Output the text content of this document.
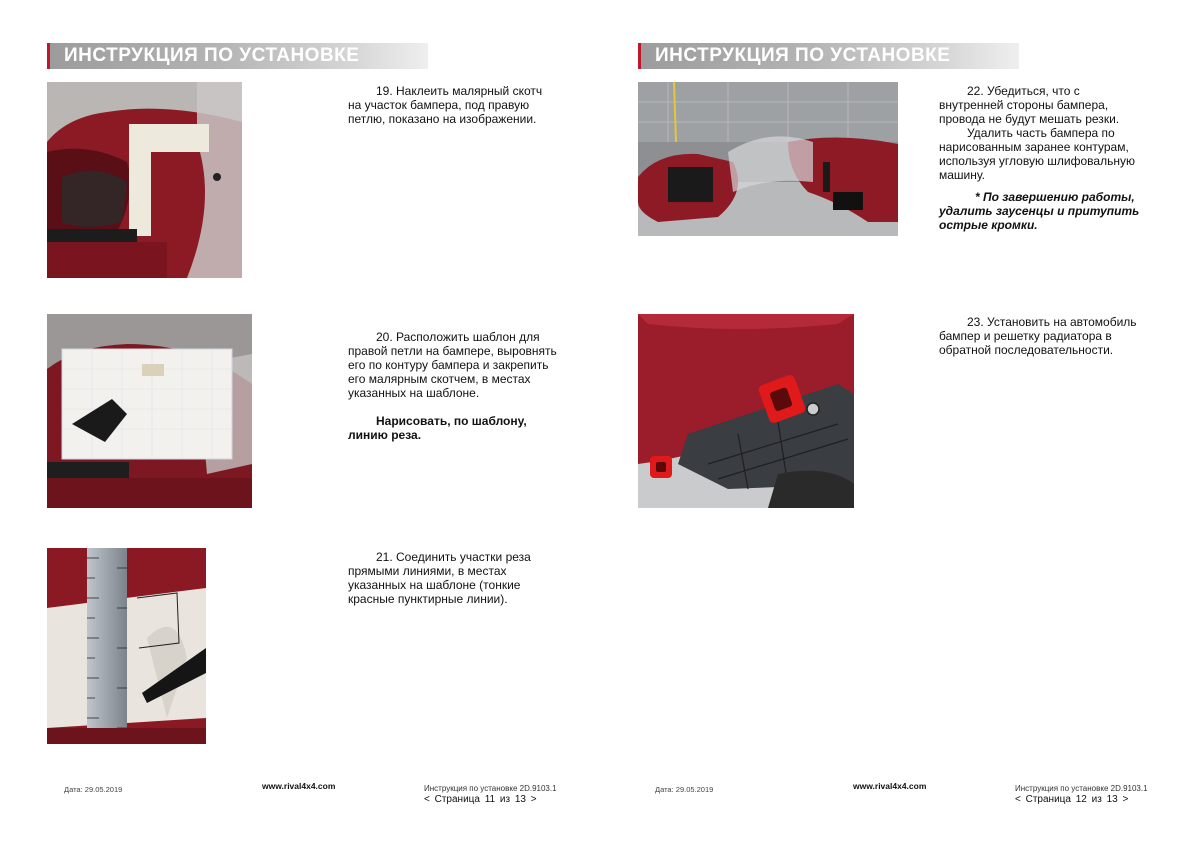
ИНСТРУКЦИЯ ПО УСТАНОВКЕ

19. Наклеить малярный скотч

на участок бампера, под правую

петлю, показано на изображении.

20. Расположить шаблон для

правой петли на бампере, выровнять

его по контуру бампера и закрепить

его малярным скотчем, в местах

указанных на шаблоне.

Нарисовать, по шаблону,

линию реза.

21. Соединить участки реза

прямыми линиями, в местах

указанных на шаблоне (тонкие

красные пунктирные линии).

Дата: 29.05.2019	www.rival4x4.com	Инструкция по установке 2D.9103.1
< Страница 11 из 13 >
ИНСТРУКЦИЯ ПО УСТАНОВКЕ

22. Убедиться, что с

внутренней стороны бампера,

провода не будут мешать резки.

Удалить часть бампера по

нарисованным заранее контурам,

используя угловую шлифовальную

машину.

* По завершению работы,

удалить заусенцы и притупить

острые кромки.

23. Установить на автомобиль

бампер и решетку радиатора в

обратной последовательности.

Дата: 29.05.2019	www.rival4x4.com	Инструкция по установке 2D.9103.1
< Страница 12 из 13 >
